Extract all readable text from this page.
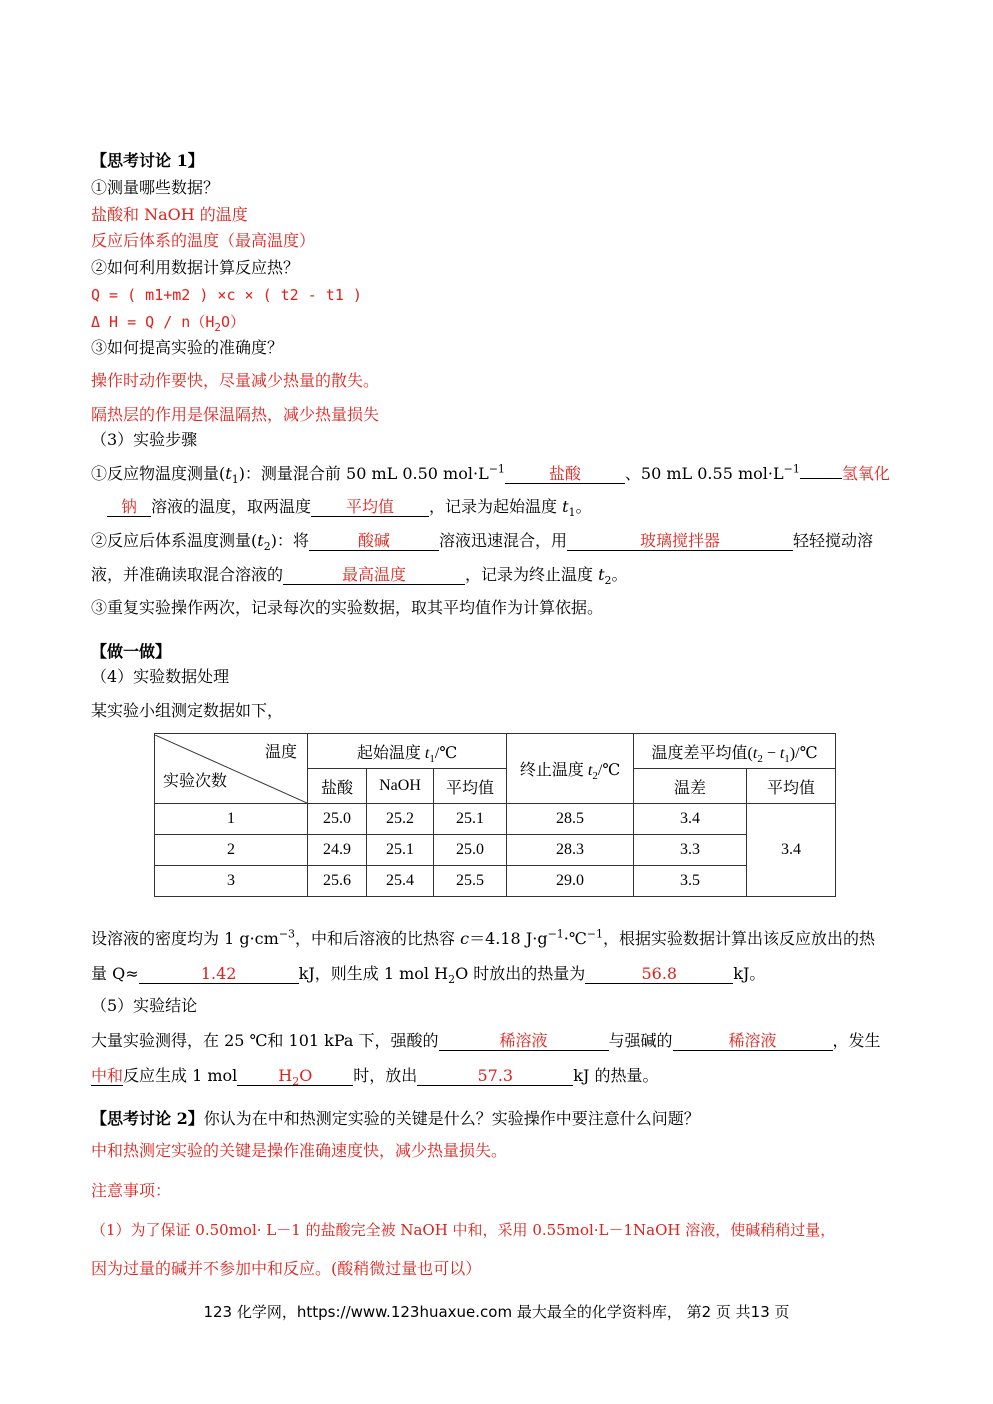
【思考讨论 1】
①测量哪些数据？
盐酸和 NaOH 的温度
反应后体系的温度（最高温度）
②如何利用数据计算反应热？
Q = ( m1+m2 ) ×c × ( t2 - t1 )
Δ $H = Q / n(H_2O)$
③如何提高实验的准确度？
操作时动作要快，尽量减少热量的散失。
隔热层的作用是保温隔热，减少热量损失
（3）实验步骤
①反应物温度测量$(t_1)$：测量混合前 50 mL 0.50 $mol\cdot L^{-1}$	盐酸	、50 mL 0.55 $mol\cdot L^{-1}$	氢氧化
钠 溶液的温度，取两温度 平均值 ，记录为起始温度 $t_1$。
②反应后体系温度测量$(t_2)$：将	酸碱	溶液迅速混合，用	玻璃搅拌器	轻轻搅动溶
液，并准确读取混合溶液的	最高温度	，记录为终止温度 $t_2$。
③重复实验操作两次，记录每次的实验数据，取其平均值作为计算依据。
【做一做】
（4）实验数据处理
某实验小组测定数据如下，
温度
实验次数	起始温度 $t_1/℃$			终止温度 $t_2/℃$	温度差平均值($t_2$ − $t_1)/℃$	
	盐酸	NaOH	平均值		温差	平均值
1	25.0	25.2	25.1	28.5	3.4	3.4
2	24.9	25.1	25.0	28.3	3.3	
3	25.6	25.4	25.5	29.0	3.5	
设溶液的密度均为 1 $g\cdot cm^{-3}$，中和后溶液的比热容 c＝4.18 $J\cdot g^{-1}\cdot℃^{-1}$，根据实验数据计算出该反应放出的热
量 Q≈	1.42	kJ，则生成 1 mol $H_2O$ 时放出的热量为	56.8	kJ。
（5）实验结论
大量实验测得，在 25 ℃和 101 kPa 下，强酸的	稀溶液	与强碱的	稀溶液	，发生
中和反应生成 1 mol	$H_2O$	时，放出	57.3	kJ 的热量。
【思考讨论 2】你认为在中和热测定实验的关键是什么？实验操作中要注意什么问题？
中和热测定实验的关键是操作准确速度快，减少热量损失。
注意事项：
（1）为了保证 0.50mol· L－1 的盐酸完全被 NaOH 中和，采用 0.55mol·L－1NaOH 溶液，使碱稍稍过量，
因为过量的碱并不参加中和反应。(酸稍微过量也可以）
123 化学网，https://www.123huaxue.com 最大最全的化学资料库， 第2 页 共13 页
